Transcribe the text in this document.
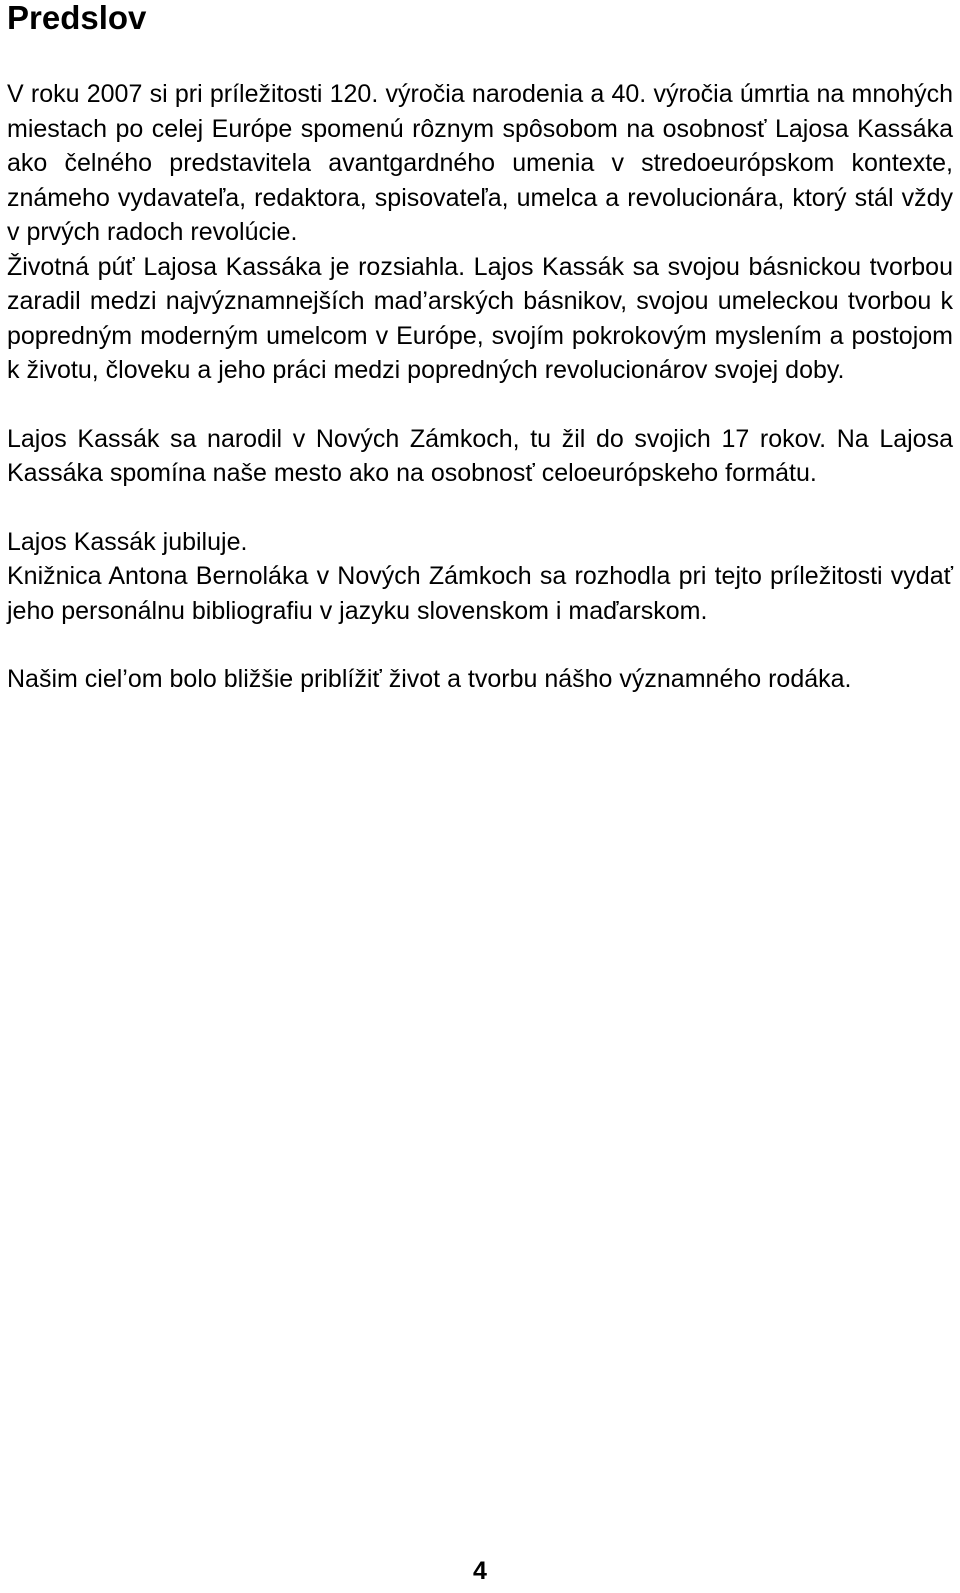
Predslov

V roku 2007 si pri príležitosti 120. výročia narodenia a 40. výročia úmrtia na mnohých miestach po celej Európe spomenú rôznym spôsobom na osobnosť Lajosa Kassáka ako čelného predstavitela avantgardného umenia v stredoeurópskom kontexte, známeho vydavateľa, redaktora, spisovateľa, umelca a revolucionára, ktorý stál vždy v prvých radoch revolúcie.

Životná púť Lajosa Kassáka je rozsiahla. Lajos Kassák sa svojou básnickou tvorbou zaradil medzi najvýznamnejších mad’arských básnikov, svojou umeleckou tvorbou k popredným moderným umelcom v Európe, svojím pokrokovým myslením a postojom k životu, človeku a jeho práci medzi popredných revolucionárov svojej doby.

Lajos Kassák sa narodil v Nových Zámkoch, tu žil do svojich 17 rokov. Na Lajosa Kassáka spomína naše mesto ako na osobnosť celoeurópskeho formátu.

Lajos Kassák jubiluje.

Knižnica Antona Bernoláka v Nových Zámkoch sa rozhodla pri tejto príležitosti vydať jeho personálnu bibliografiu v jazyku slovenskom i maďarskom.

Našim ciel’om bolo bližšie priblížiť život a tvorbu nášho významného rodáka.

4
